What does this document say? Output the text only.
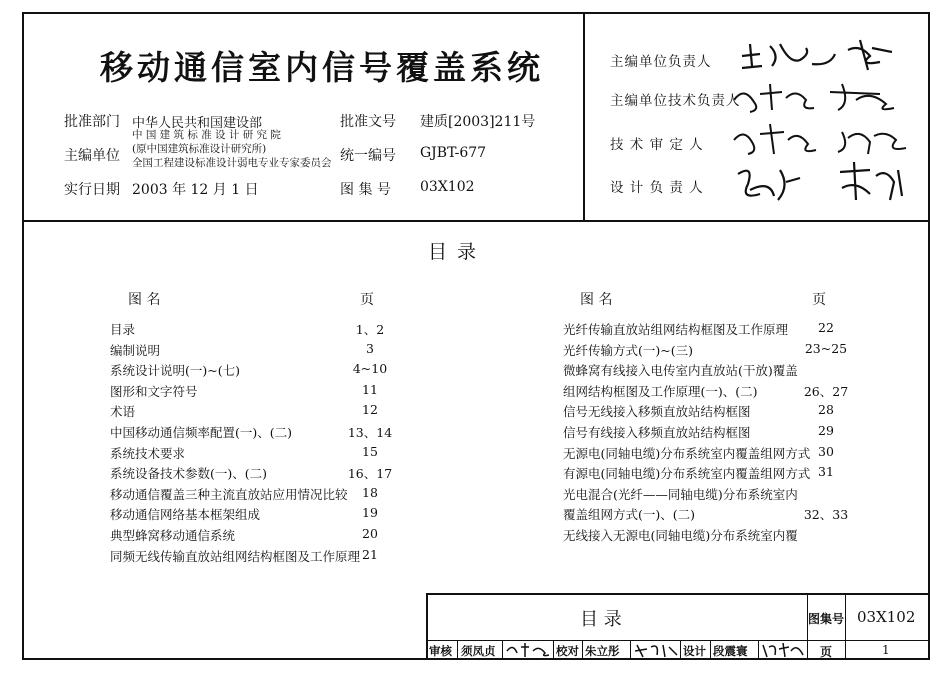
移动通信室内信号覆盖系统
批准部门 中华人民共和国建设部
主编单位
中 国 建 筑 标 准 设 计 研 究 院
(原中国建筑标准设计研究所)
全国工程建设标准设计弱电专业专家委员会
实行日期 2003 年 12 月 1 日
批准文号 建质[2003]211号
统一编号 GJBT-677
图 集 号 03X102
主编单位负责人
主编单位技术负责人
技 术 审 定 人
设 计 负 责 人
目 录
图 名	页	图 名	页
目录	1、2
编制说明	3
系统设计说明(一)~(七)	4~10
图形和文字符号	11
术语	12
中国移动通信频率配置(一)、(二)	13、14
系统技术要求	15
系统设备技术参数(一)、(二)	16、17
移动通信覆盖三种主流直放站应用情况比较	18
移动通信网络基本框架组成	19
典型蜂窝移动通信系统	20
同频无线传输直放站组网结构框图及工作原理 21
光纤传输直放站组网结构框图及工作原理	22
光纤传输方式(一)~(三)	23~25
微蜂窝有线接入电传室内直放站(干放)覆盖
组网结构框图及工作原理(一)、(二)	26、27
信号无线接入移频直放站结构框图	28
信号有线接入移频直放站结构框图	29
无源电(同轴电缆)分布系统室内覆盖组网方式 30
有源电(同轴电缆)分布系统室内覆盖组网方式 31
光电混合(光纤——同轴电缆)分布系统室内
覆盖组网方式(一)、(二)	32、33
无线接入无源电(同轴电缆)分布系统室内覆
目 录	图集号 03X102
页	1
审核 须凤贞	校对 朱立彤	设计 段震寰
